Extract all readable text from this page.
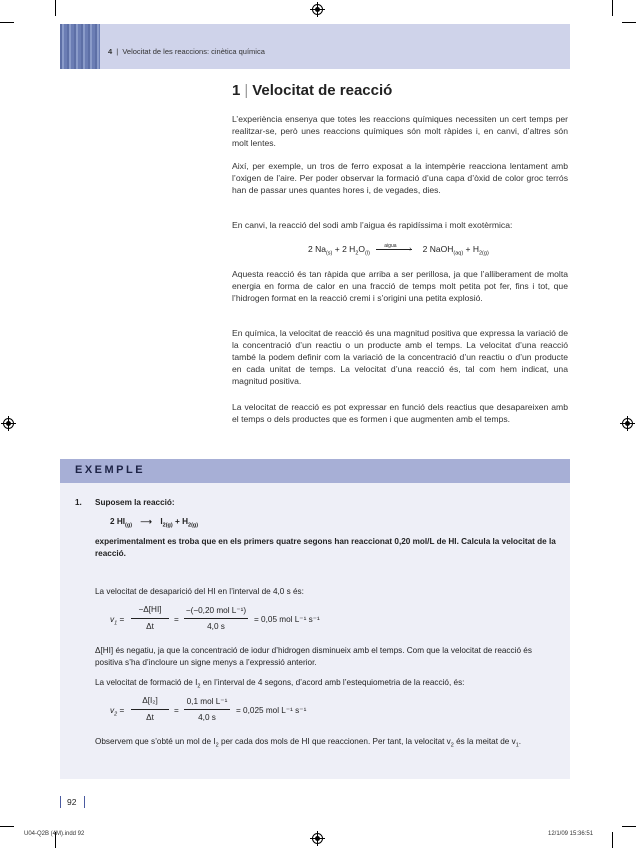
4 | Velocitat de les reaccions: cinètica química
1 | Velocitat de reacció
L’experiència ensenya que totes les reaccions químiques necessiten un cert temps per realitzar-se, però unes reaccions químiques són molt ràpides i, en canvi, d’altres són molt lentes.
Així, per exemple, un tros de ferro exposat a la intempèrie reacciona lentament amb l’oxigen de l’aire. Per poder observar la formació d’una capa d’òxid de color groc terrós han de passar unes quantes hores i, de vegades, dies.
En canvi, la reacció del sodi amb l’aigua és rapidíssima i molt exotèrmica:
2 $Na_{(s)} + 2$ $H_2O_{(l)}$
aigua › 2 NaOH$_{(aq)}$ + $H_{2(g)}$
Aquesta reacció és tan ràpida que arriba a ser perillosa, ja que l’alliberament de molta energia en forma de calor en una fracció de temps molt petita pot fer, fins i tot, que l’hidrogen format en la reacció cremi i s’origini una petita explosió.
En química, la velocitat de reacció és una magnitud positiva que expressa la variació de la concentració d’un reactiu o un producte amb el temps. La velocitat d’una reacció també la podem definir com la variació de la concentració d’un reactiu o d’un producte en cada unitat de temps. La velocitat d’una reacció és, tal com hem indicat, una magnitud positiva.
La velocitat de reacció es pot expressar en funció dels reactius que desapareixen amb el temps o dels productes que es formen i que augmenten amb el temps.
EXEMPLE
1. Suposem la reacció:
2 $HI_{(g)}$ ⟶ $I_{2(g)} + H_{2(g)}$
experimentalment es troba que en els primers quatre segons han reaccionat 0,20 mol/L de HI. Calcula la velocitat de la reacció.
La velocitat de desaparició del HI en l’interval de 4,0 s és:
$v_1$ =
−Δ[HI]
Δt
=
−(−0,20 mol L⁻¹)
4,0 s
= 0,05 mol L⁻¹ s⁻¹
Δ[HI] és negatiu, ja que la concentració de iodur d’hidrogen disminueix amb el temps. Com que la velocitat de reacció és positiva s’ha d’incloure un signe menys a l’expressió anterior.
La velocitat de formació de $I_2$ en l’interval de 4 segons, d’acord amb l’estequiometria de la reacció, és:
$v_2$ =
Δ[I₂]
Δt
=
0,1 mol L⁻¹
4,0 s
= 0,025 mol L⁻¹ s⁻¹
Observem que s’obté un mol de $I_2$ per cada dos mols de HI que reaccionen. Per tant, la velocitat $v_2$ és la meitat de $v_1$.
92
U04-Q2B (4M).indd 92	12/1/09 15:36:51
